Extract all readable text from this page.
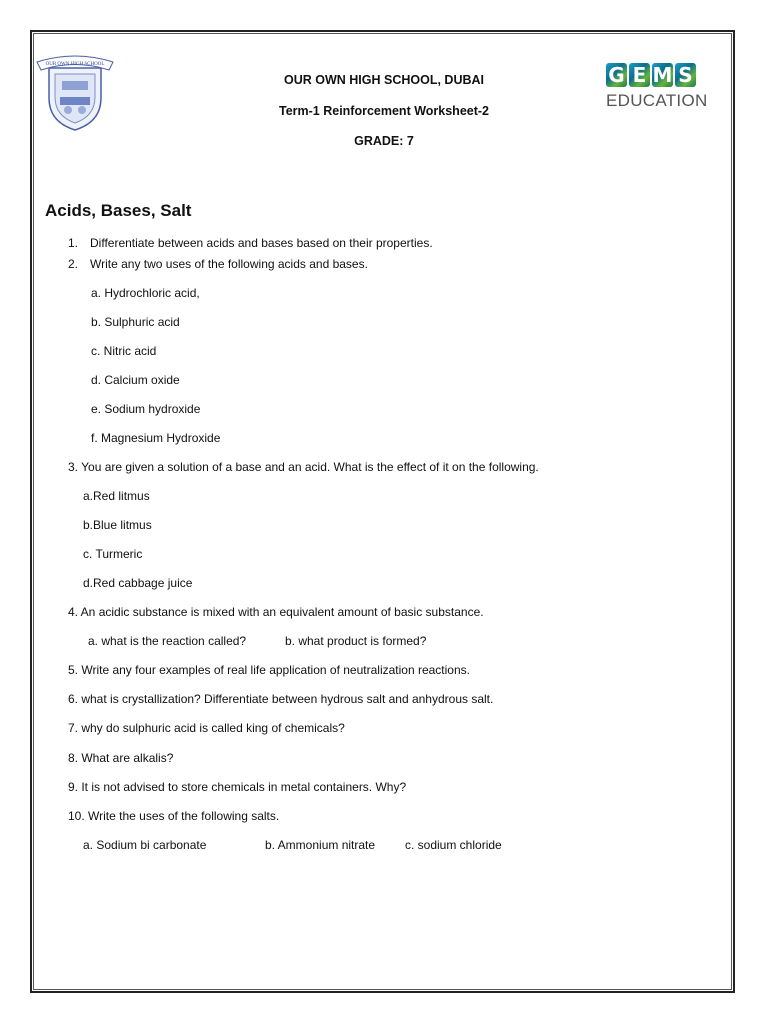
OUR OWN HIGH SCHOOL	G E M S
EDUCATION
OUR OWN HIGH SCHOOL, DUBAI
Term-1 Reinforcement Worksheet-2
GRADE: 7
Acids, Bases, Salt
1. Differentiate between acids and bases based on their properties.
2. Write any two uses of the following acids and bases.
a. Hydrochloric acid,
b. Sulphuric acid
c. Nitric acid
d. Calcium oxide
e. Sodium hydroxide
f. Magnesium Hydroxide
3. You are given a solution of a base and an acid. What is the effect of it on the following.
a.Red litmus
b.Blue litmus
c. Turmeric
d.Red cabbage juice
4. An acidic substance is mixed with an equivalent amount of basic substance.
a. what is the reaction called?	b. what product is formed?
5. Write any four examples of real life application of neutralization reactions.
6. what is crystallization? Differentiate between hydrous salt and anhydrous salt.
7. why do sulphuric acid is called king of chemicals?
8. What are alkalis?
9. It is not advised to store chemicals in metal containers. Why?
10. Write the uses of the following salts.
a. Sodium bi carbonate	b. Ammonium nitrate c. sodium chloride
